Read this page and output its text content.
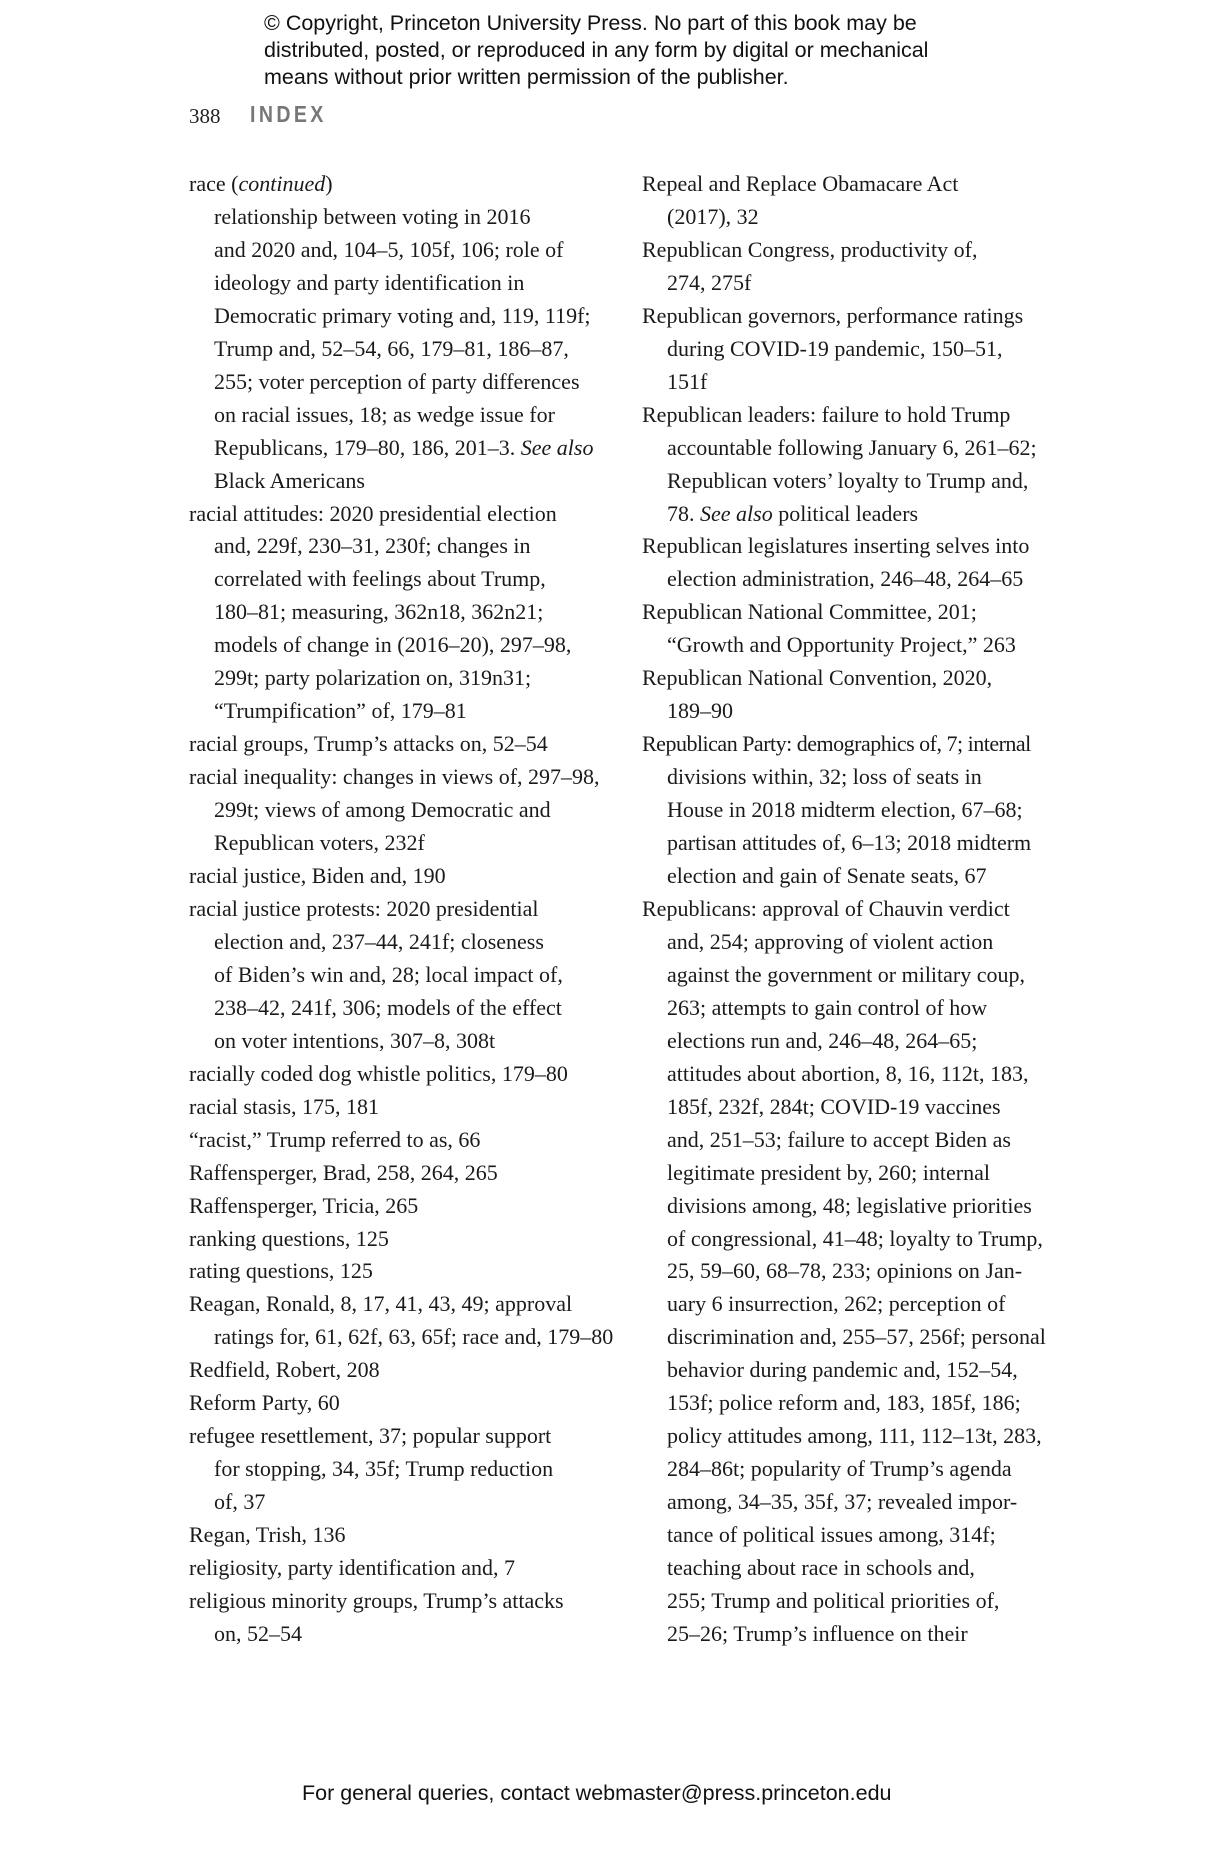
© Copyright, Princeton University Press. No part of this book may be
distributed, posted, or reproduced in any form by digital or mechanical
means without prior written permission of the publisher.
388 INDEX
race (continued)
relationship between voting in 2016
and 2020 and, 104–5, 105f, 106; role of
ideology and party identification in
Democratic primary voting and, 119, 119f;
Trump and, 52–54, 66, 179–81, 186–87,
255; voter perception of party differences
on racial issues, 18; as wedge issue for
Republicans, 179–80, 186, 201–3. See also
Black Americans
racial attitudes: 2020 presidential election
and, 229f, 230–31, 230f; changes in
correlated with feelings about Trump,
180–81; measuring, 362n18, 362n21;
models of change in (2016–20), 297–98,
299t; party polarization on, 319n31;
“Trumpification” of, 179–81
racial groups, Trump’s attacks on, 52–54
racial inequality: changes in views of, 297–98,
299t; views of among Democratic and
Republican voters, 232f
racial justice, Biden and, 190
racial justice protests: 2020 presidential
election and, 237–44, 241f; closeness
of Biden’s win and, 28; local impact of,
238–42, 241f, 306; models of the effect
on voter intentions, 307–8, 308t
racially coded dog whistle politics, 179–80
racial stasis, 175, 181
“racist,” Trump referred to as, 66
Raffensperger, Brad, 258, 264, 265
Raffensperger, Tricia, 265
ranking questions, 125
rating questions, 125
Reagan, Ronald, 8, 17, 41, 43, 49; approval
ratings for, 61, 62f, 63, 65f; race and, 179–80
Redfield, Robert, 208
Reform Party, 60
refugee resettlement, 37; popular support
for stopping, 34, 35f; Trump reduction
of, 37
Regan, Trish, 136
religiosity, party identification and, 7
religious minority groups, Trump’s attacks
on, 52–54
Repeal and Replace Obamacare Act
(2017), 32
Republican Congress, productivity of,
274, 275f
Republican governors, performance ratings
during COVID-19 pandemic, 150–51,
151f
Republican leaders: failure to hold Trump
accountable following January 6, 261–62;
Republican voters’ loyalty to Trump and,
78. See also political leaders
Republican legislatures inserting selves into
election administration, 246–48, 264–65
Republican National Committee, 201;
“Growth and Opportunity Project,” 263
Republican National Convention, 2020,
189–90
Republican Party: demographics of, 7; internal
divisions within, 32; loss of seats in
House in 2018 midterm election, 67–68;
partisan attitudes of, 6–13; 2018 midterm
election and gain of Senate seats, 67
Republicans: approval of Chauvin verdict
and, 254; approving of violent action
against the government or military coup,
263; attempts to gain control of how
elections run and, 246–48, 264–65;
attitudes about abortion, 8, 16, 112t, 183,
185f, 232f, 284t; COVID-19 vaccines
and, 251–53; failure to accept Biden as
legitimate president by, 260; internal
divisions among, 48; legislative priorities
of congressional, 41–48; loyalty to Trump,
25, 59–60, 68–78, 233; opinions on Jan-
uary 6 insurrection, 262; perception of
discrimination and, 255–57, 256f; personal
behavior during pandemic and, 152–54,
153f; police reform and, 183, 185f, 186;
policy attitudes among, 111, 112–13t, 283,
284–86t; popularity of Trump’s agenda
among, 34–35, 35f, 37; revealed impor-
tance of political issues among, 314f;
teaching about race in schools and,
255; Trump and political priorities of,
25–26; Trump’s influence on their
For general queries, contact webmaster@press.princeton.edu
